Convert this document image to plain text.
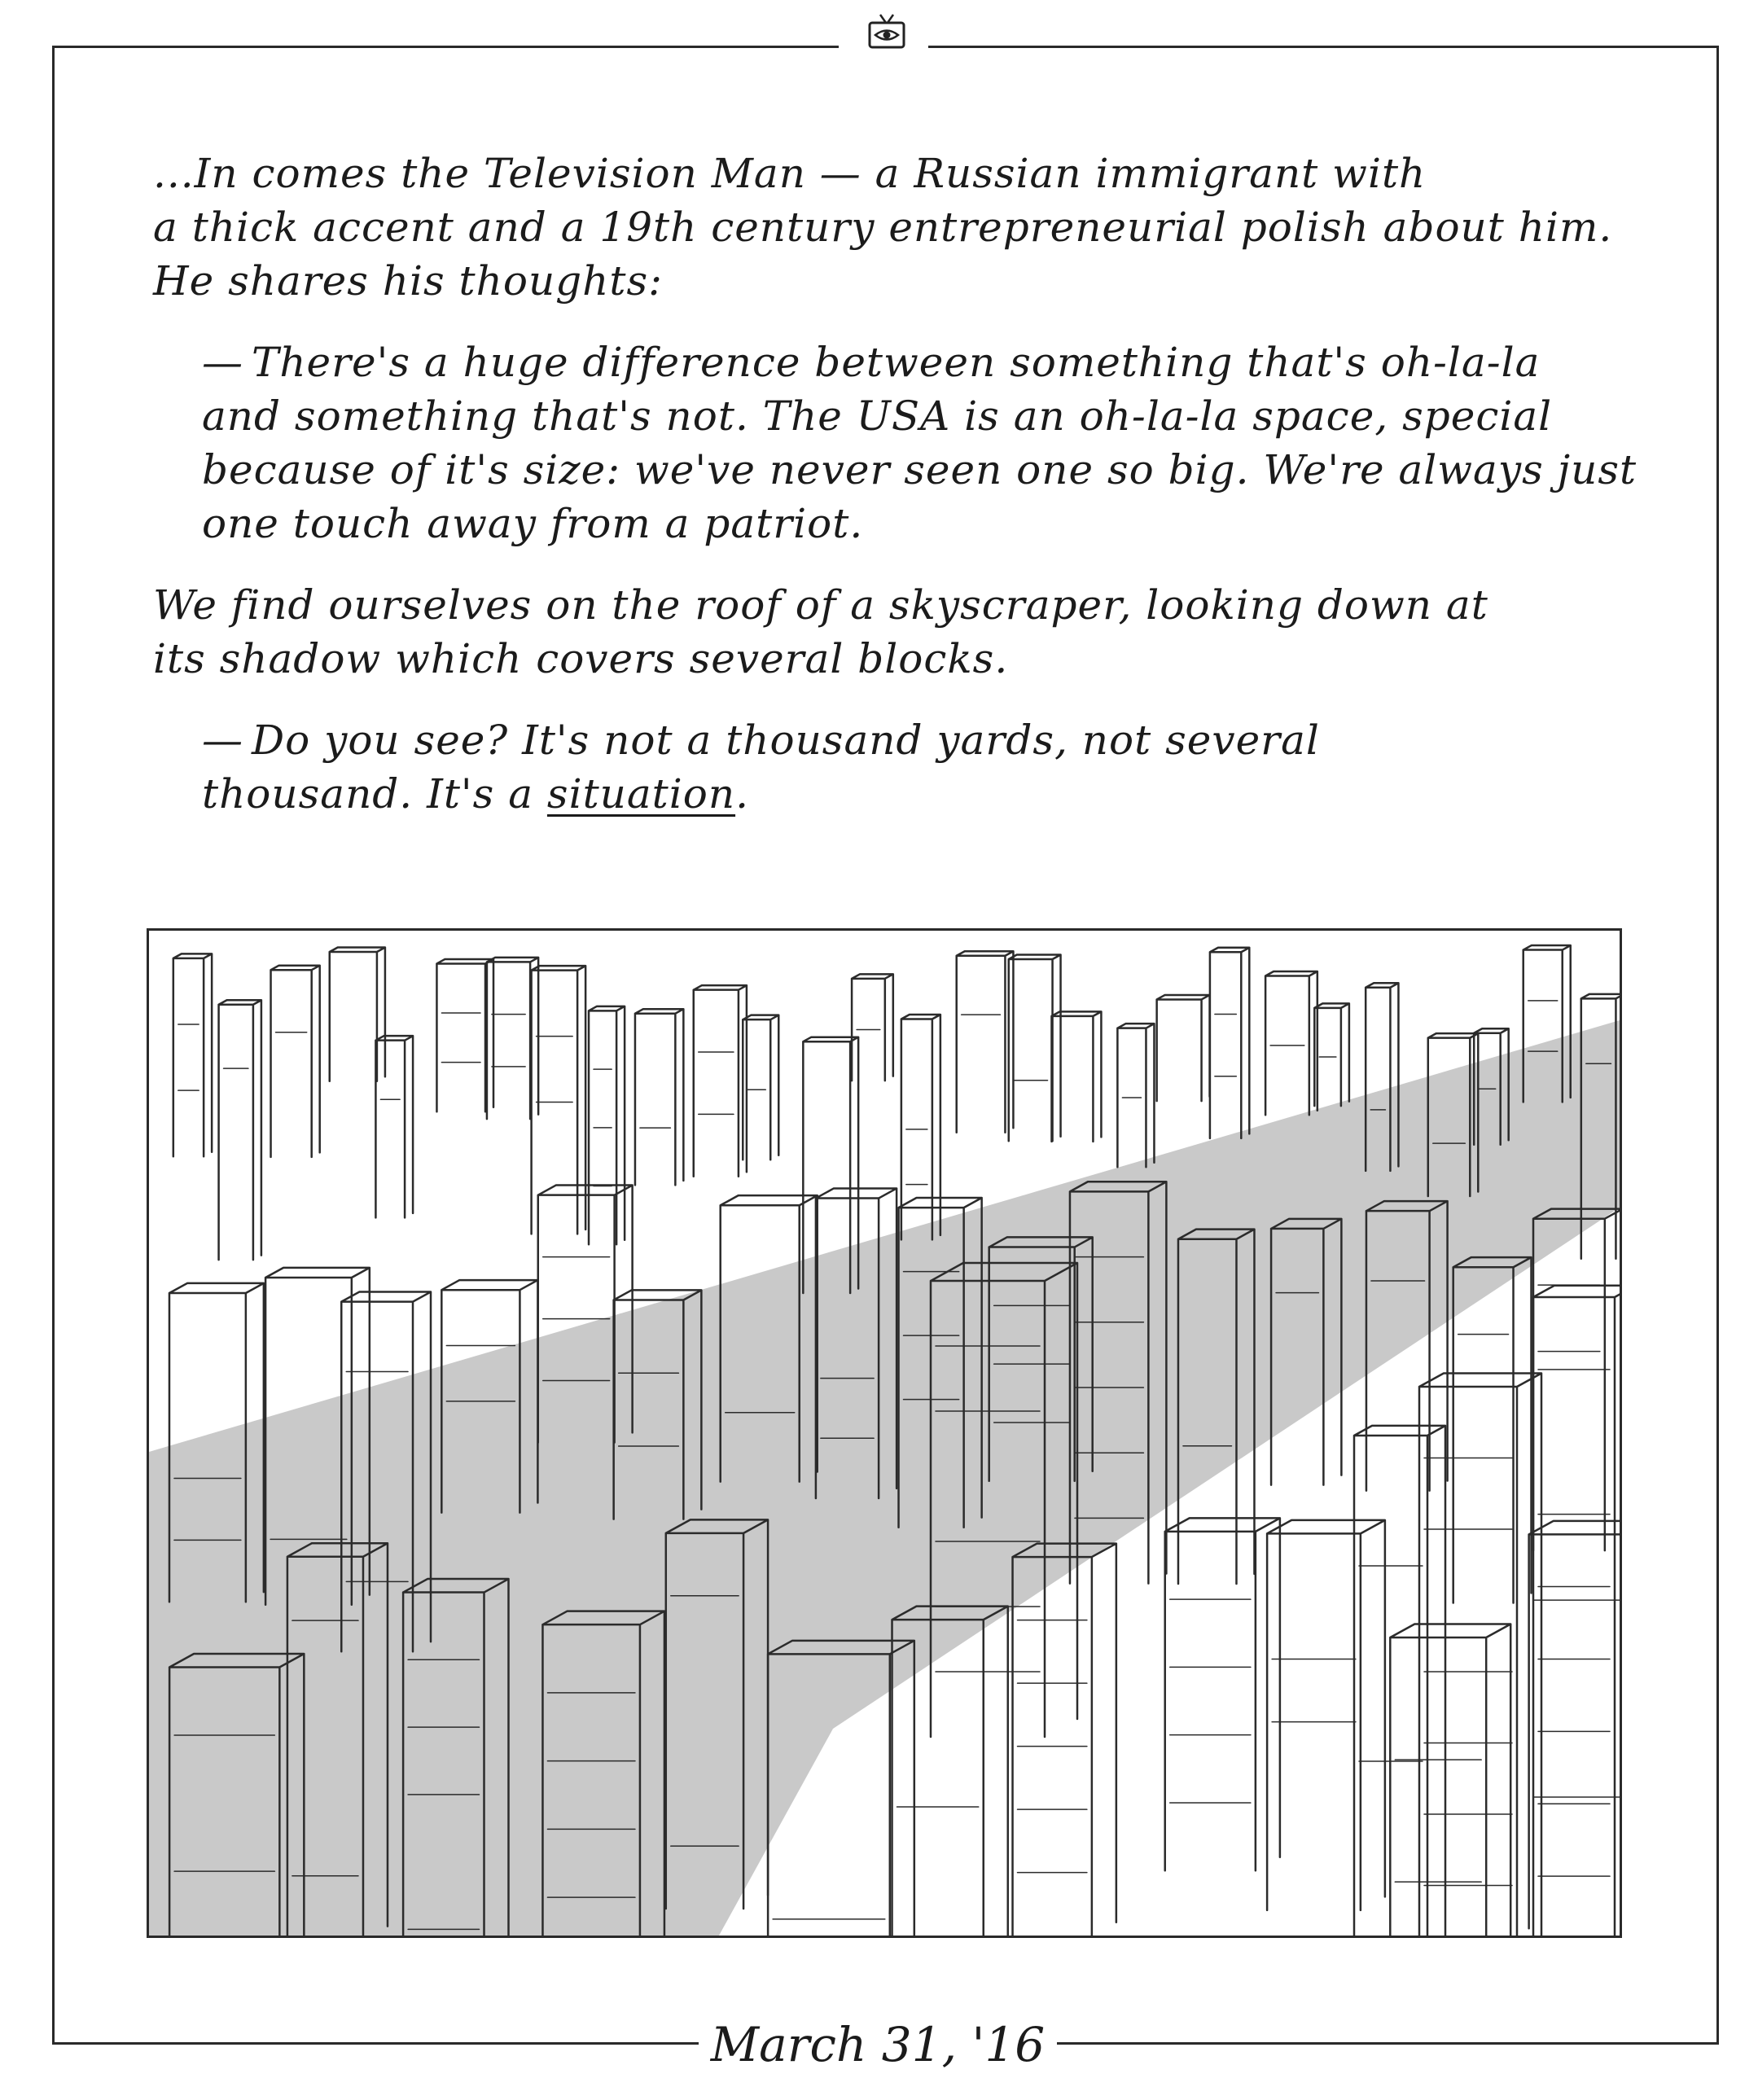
...In comes the Television Man — a Russian immigrant with
a thick accent and a 19th century entrepreneurial polish about him.
He shares his thoughts:

— There's a huge difference between something that's oh-la-la
and something that's not. The USA is an oh-la-la space, special
because of it's size: we've never seen one so big. We're always just
one touch away from a patriot.

We find ourselves on the roof of a skyscraper, looking down at
its shadow which covers several blocks.

— Do you see? It's not a thousand yards, not several
thousand. It's a situation.

March 31, '16
